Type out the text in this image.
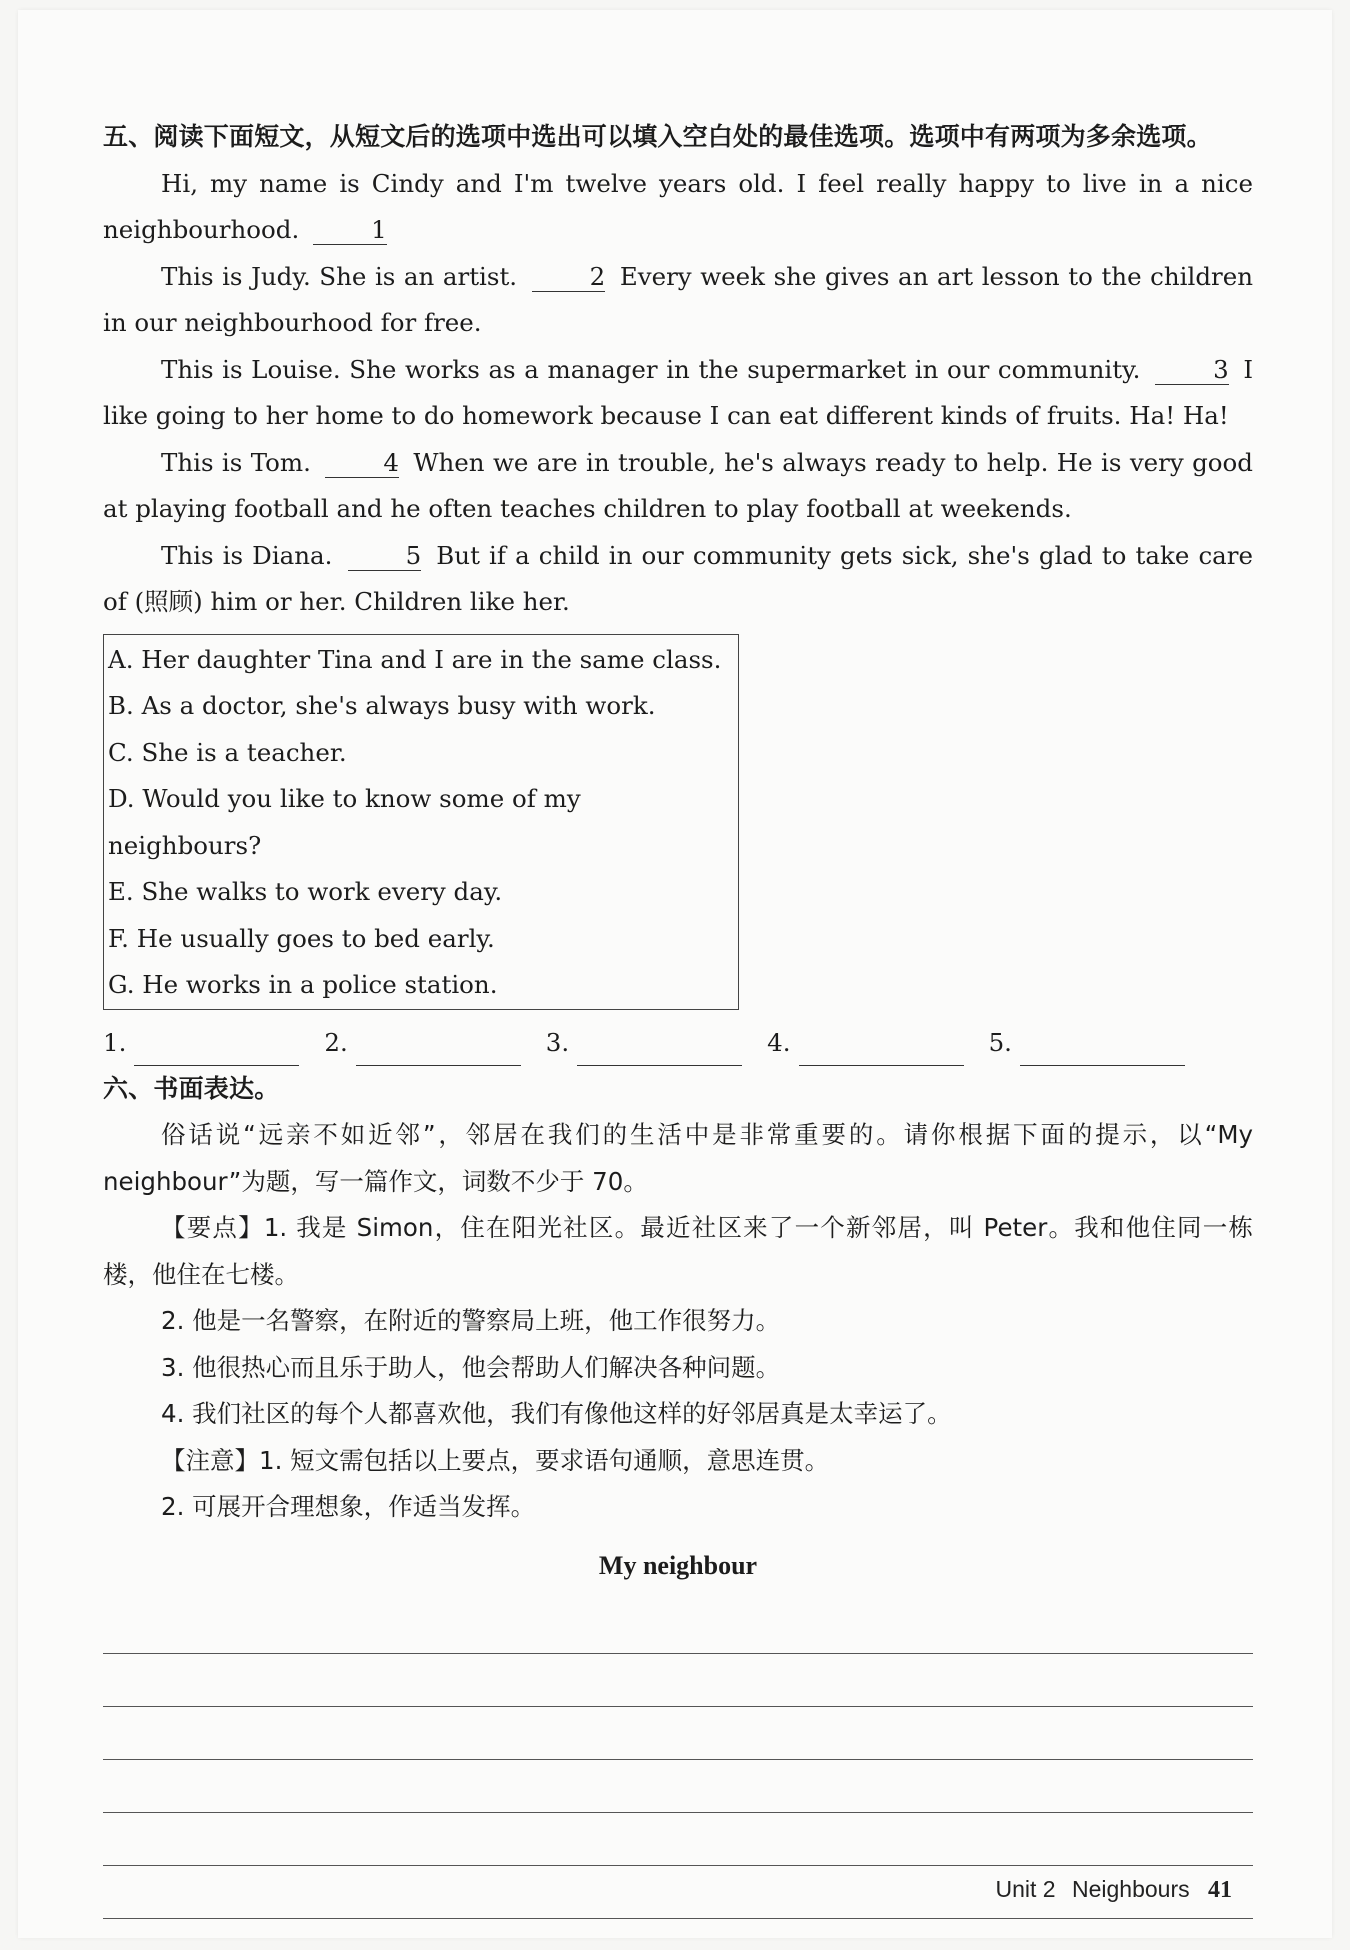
五、阅读下面短文，从短文后的选项中选出可以填入空白处的最佳选项。选项中有两项为多余选项。

Hi, my name is Cindy and I'm twelve years old. I feel really happy to live in a nice neighbourhood.	1

This is Judy. She is an artist.	2 Every week she gives an art lesson to the children in our neighbourhood for free.

This is Louise. She works as a manager in the supermarket in our community.	3 I like going to her home to do homework because I can eat different kinds of fruits. Ha! Ha!

This is Tom.	4 When we are in trouble, he's always ready to help. He is very good at playing football and he often teaches children to play football at weekends.

This is Diana.	5 But if a child in our community gets sick, she's glad to take care of (照顾) him or her. Children like her.

A. Her daughter Tina and I are in the same class.
B. As a doctor, she's always busy with work.
C. She is a teacher.
D. Would you like to know some of my neighbours?
E. She walks to work every day.
F. He usually goes to bed early.
G. He works in a police station.
1.	2.	3.	4.	5.
六、书面表达。

俗话说“远亲不如近邻”，邻居在我们的生活中是非常重要的。请你根据下面的提示，以“My neighbour”为题，写一篇作文，词数不少于 70。

【要点】1. 我是 Simon，住在阳光社区。最近社区来了一个新邻居，叫 Peter。我和他住同一栋楼，他住在七楼。

2. 他是一名警察，在附近的警察局上班，他工作很努力。

3. 他很热心而且乐于助人，他会帮助人们解决各种问题。

4. 我们社区的每个人都喜欢他，我们有像他这样的好邻居真是太幸运了。

【注意】1. 短文需包括以上要点，要求语句通顺，意思连贯。

2. 可展开合理想象，作适当发挥。

My neighbour
Unit 2 Neighbours 41
